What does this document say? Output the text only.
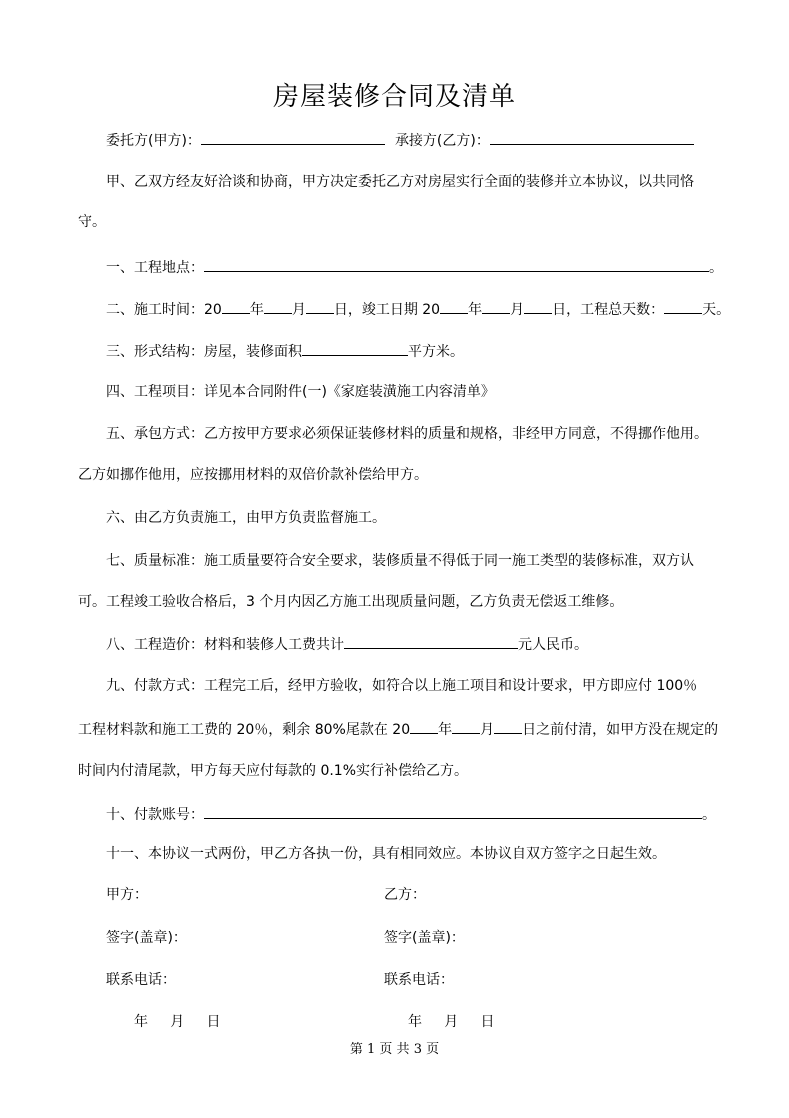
房屋装修合同及清单
委托方(甲方)：	承接方(乙方)：
甲、乙双方经友好洽谈和协商，甲方决定委托乙方对房屋实行全面的装修并立本协议，以共同恪
守。
一、工程地点：	。
二、施工时间：20 年 月 日，竣工日期 20 年 月 日，工程总天数：	天。
三、形式结构：房屋，装修面积	平方米。
四、工程项目：详见本合同附件(一)《家庭装潢施工内容清单》
五、承包方式：乙方按甲方要求必须保证装修材料的质量和规格，非经甲方同意，不得挪作他用。
乙方如挪作他用，应按挪用材料的双倍价款补偿给甲方。
六、由乙方负责施工，由甲方负责监督施工。
七、质量标准：施工质量要符合安全要求，装修质量不得低于同一施工类型的装修标准，双方认
可。工程竣工验收合格后，3 个月内因乙方施工出现质量问题，乙方负责无偿返工维修。
八、工程造价：材料和装修人工费共计	元人民币。
九、付款方式：工程完工后，经甲方验收，如符合以上施工项目和设计要求，甲方即应付 100％
工程材料款和施工工费的 20％，剩余 80%尾款在 20 年 月 日之前付清，如甲方没在规定的
时间内付清尾款，甲方每天应付每款的 0.1%实行补偿给乙方。
十、付款账号：	。
十一、本协议一式两份，甲乙方各执一份，具有相同效应。本协议自双方签字之日起生效。
甲方：	乙方：
签字(盖章)：	签字(盖章)：
联系电话：	联系电话：
年     月     日	年     月     日
第 1 页 共 3 页
